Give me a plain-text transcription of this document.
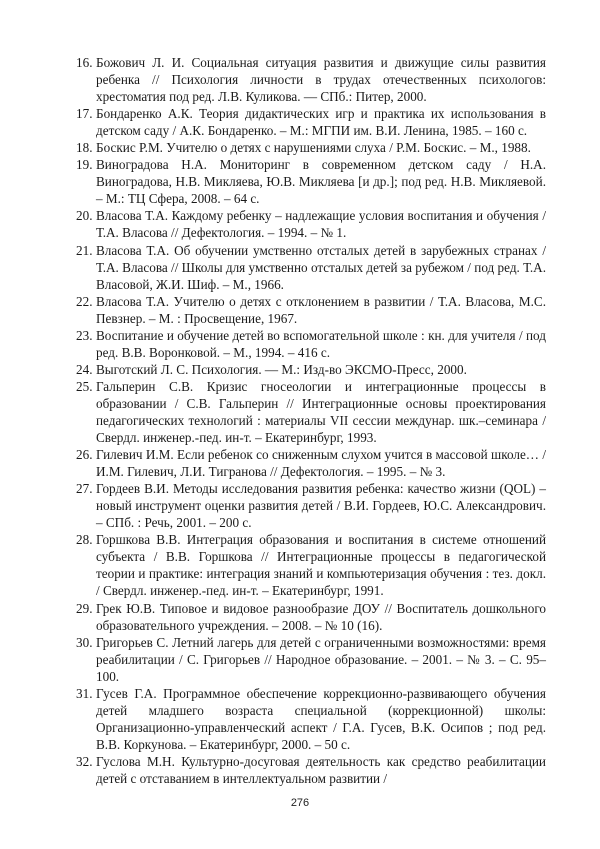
16. Божович Л. И. Социальная ситуация развития и движущие силы развития ребенка // Психология личности в трудах отечественных психологов: хрестоматия под ред. Л.В. Куликова. — СПб.: Питер, 2000.
17. Бондаренко А.К. Теория дидактических игр и практика их использования в детском саду / А.К. Бондаренко. – М.: МГПИ им. В.И. Ленина, 1985. – 160 с.
18. Боскис Р.М. Учителю о детях с нарушениями слуха / Р.М. Боскис. – М., 1988.
19. Виноградова Н.А. Мониторинг в современном детском саду / Н.А. Виноградова, Н.В. Микляева, Ю.В. Микляева [и др.]; под ред. Н.В. Микляевой. – М.: ТЦ Сфера, 2008. – 64 с.
20. Власова Т.А. Каждому ребенку – надлежащие условия воспитания и обучения / Т.А. Власова // Дефектология. – 1994. – № 1.
21. Власова Т.А. Об обучении умственно отсталых детей в зарубежных странах / Т.А. Власова // Школы для умственно отсталых детей за рубежом / под ред. Т.А. Власовой, Ж.И. Шиф. – М., 1966.
22. Власова Т.А. Учителю о детях с отклонением в развитии / Т.А. Власова, М.С. Певзнер. – М. : Просвещение, 1967.
23. Воспитание и обучение детей во вспомогательной школе : кн. для учителя / под ред. В.В. Воронковой. – М., 1994. – 416 с.
24. Выготский Л. С. Психология. — М.: Изд-во ЭКСМО-Пресс, 2000.
25. Гальперин С.В. Кризис гносеологии и интеграционные процессы в образовании / С.В. Гальперин // Интеграционные основы проектирования педагогических технологий : материалы VII сессии междунар. шк.–семинара / Свердл. инженер.-пед. ин-т. – Екатеринбург, 1993.
26. Гилевич И.М. Если ребенок со сниженным слухом учится в массовой школе… / И.М. Гилевич, Л.И. Тигранова // Дефектология. – 1995. – № 3.
27. Гордеев В.И. Методы исследования развития ребенка: качество жизни (QOL) – новый инструмент оценки развития детей / В.И. Гордеев, Ю.С. Александрович. – СПб. : Речь, 2001. – 200 с.
28. Горшкова В.В. Интеграция образования и воспитания в системе отношений субъекта / В.В. Горшкова // Интеграционные процессы в педагогической теории и практике: интеграция знаний и компьютеризация обучения : тез. докл. / Свердл. инженер.-пед. ин-т. – Екатеринбург, 1991.
29. Грек Ю.В. Типовое и видовое разнообразие ДОУ // Воспитатель дошкольного образовательного учреждения. – 2008. – № 10 (16).
30. Григорьев С. Летний лагерь для детей с ограниченными возможностями: время реабилитации / С. Григорьев // Народное образование. – 2001. – № 3. – С. 95–100.
31. Гусев Г.А. Программное обеспечение коррекционно-развивающего обучения детей младшего возраста специальной (коррекционной) школы: Организационно-управленческий аспект / Г.А. Гусев, В.К. Осипов ; под ред. В.В. Коркунова. – Екатеринбург, 2000. – 50 с.
32. Гуслова М.Н. Культурно-досуговая деятельность как средство реабилитации детей с отставанием в интеллектуальном развитии /
276
